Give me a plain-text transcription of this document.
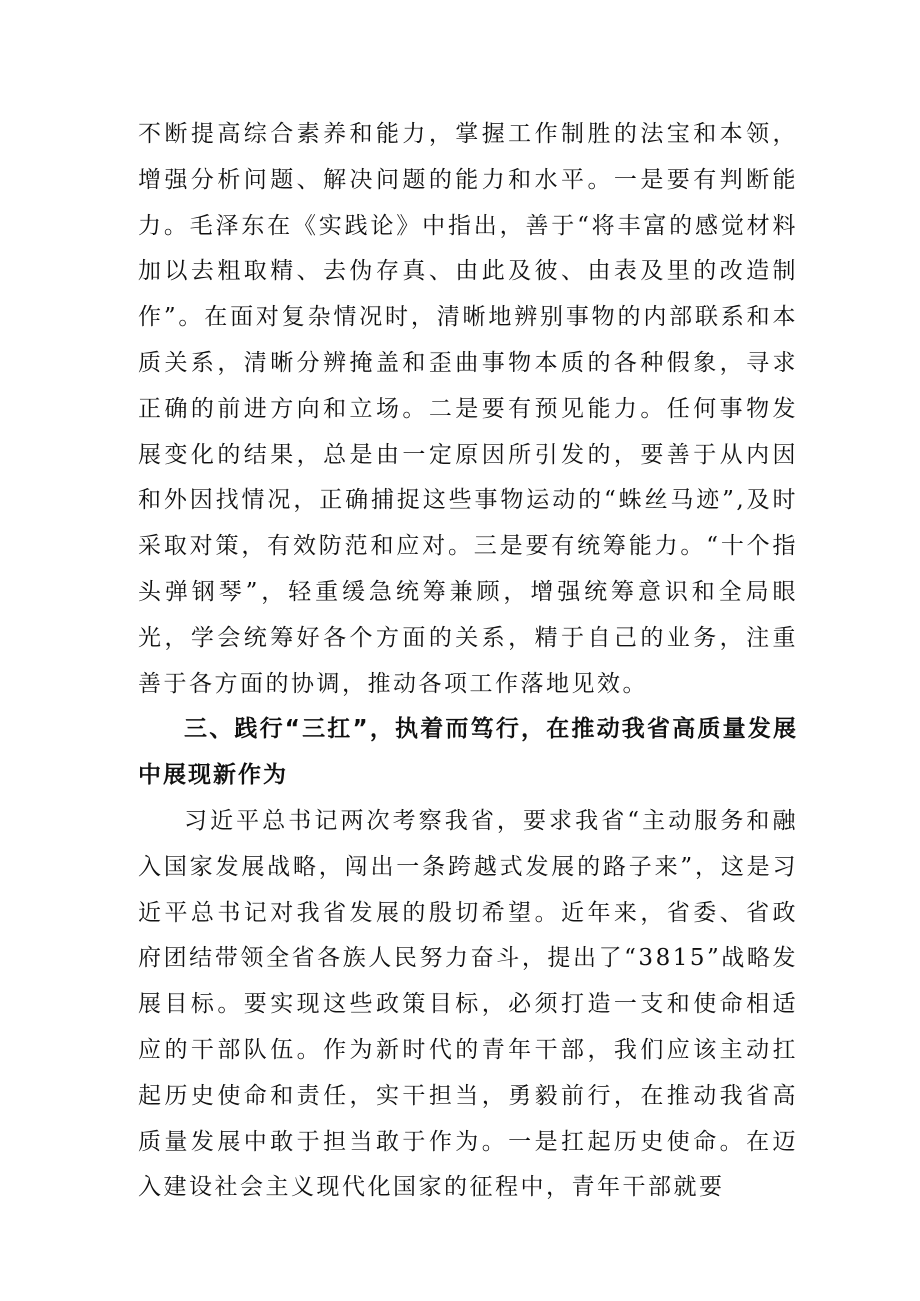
不断提高综合素养和能力，掌握工作制胜的法宝和本领，增强分析问题、解决问题的能力和水平。一是要有判断能力。毛泽东在《实践论》中指出，善于“将丰富的感觉材料加以去粗取精、去伪存真、由此及彼、由表及里的改造制作”。在面对复杂情况时，清晰地辨别事物的内部联系和本质关系，清晰分辨掩盖和歪曲事物本质的各种假象，寻求正确的前进方向和立场。二是要有预见能力。任何事物发展变化的结果，总是由一定原因所引发的，要善于从内因和外因找情况，正确捕捉这些事物运动的“蛛丝马迹”,及时采取对策，有效防范和应对。三是要有统筹能力。“十个指头弹钢琴”，轻重缓急统筹兼顾，增强统筹意识和全局眼光，学会统筹好各个方面的关系，精于自己的业务，注重善于各方面的协调，推动各项工作落地见效。

三、践行“三扛”，执着而笃行，在推动我省高质量发展中展现新作为

习近平总书记两次考察我省，要求我省“主动服务和融入国家发展战略，闯出一条跨越式发展的路子来”，这是习近平总书记对我省发展的殷切希望。近年来，省委、省政府团结带领全省各族人民努力奋斗，提出了“3815”战略发展目标。要实现这些政策目标，必须打造一支和使命相适应的干部队伍。作为新时代的青年干部，我们应该主动扛起历史使命和责任，实干担当，勇毅前行，在推动我省高质量发展中敢于担当敢于作为。一是扛起历史使命。在迈入建设社会主义现代化国家的征程中，青年干部就要
